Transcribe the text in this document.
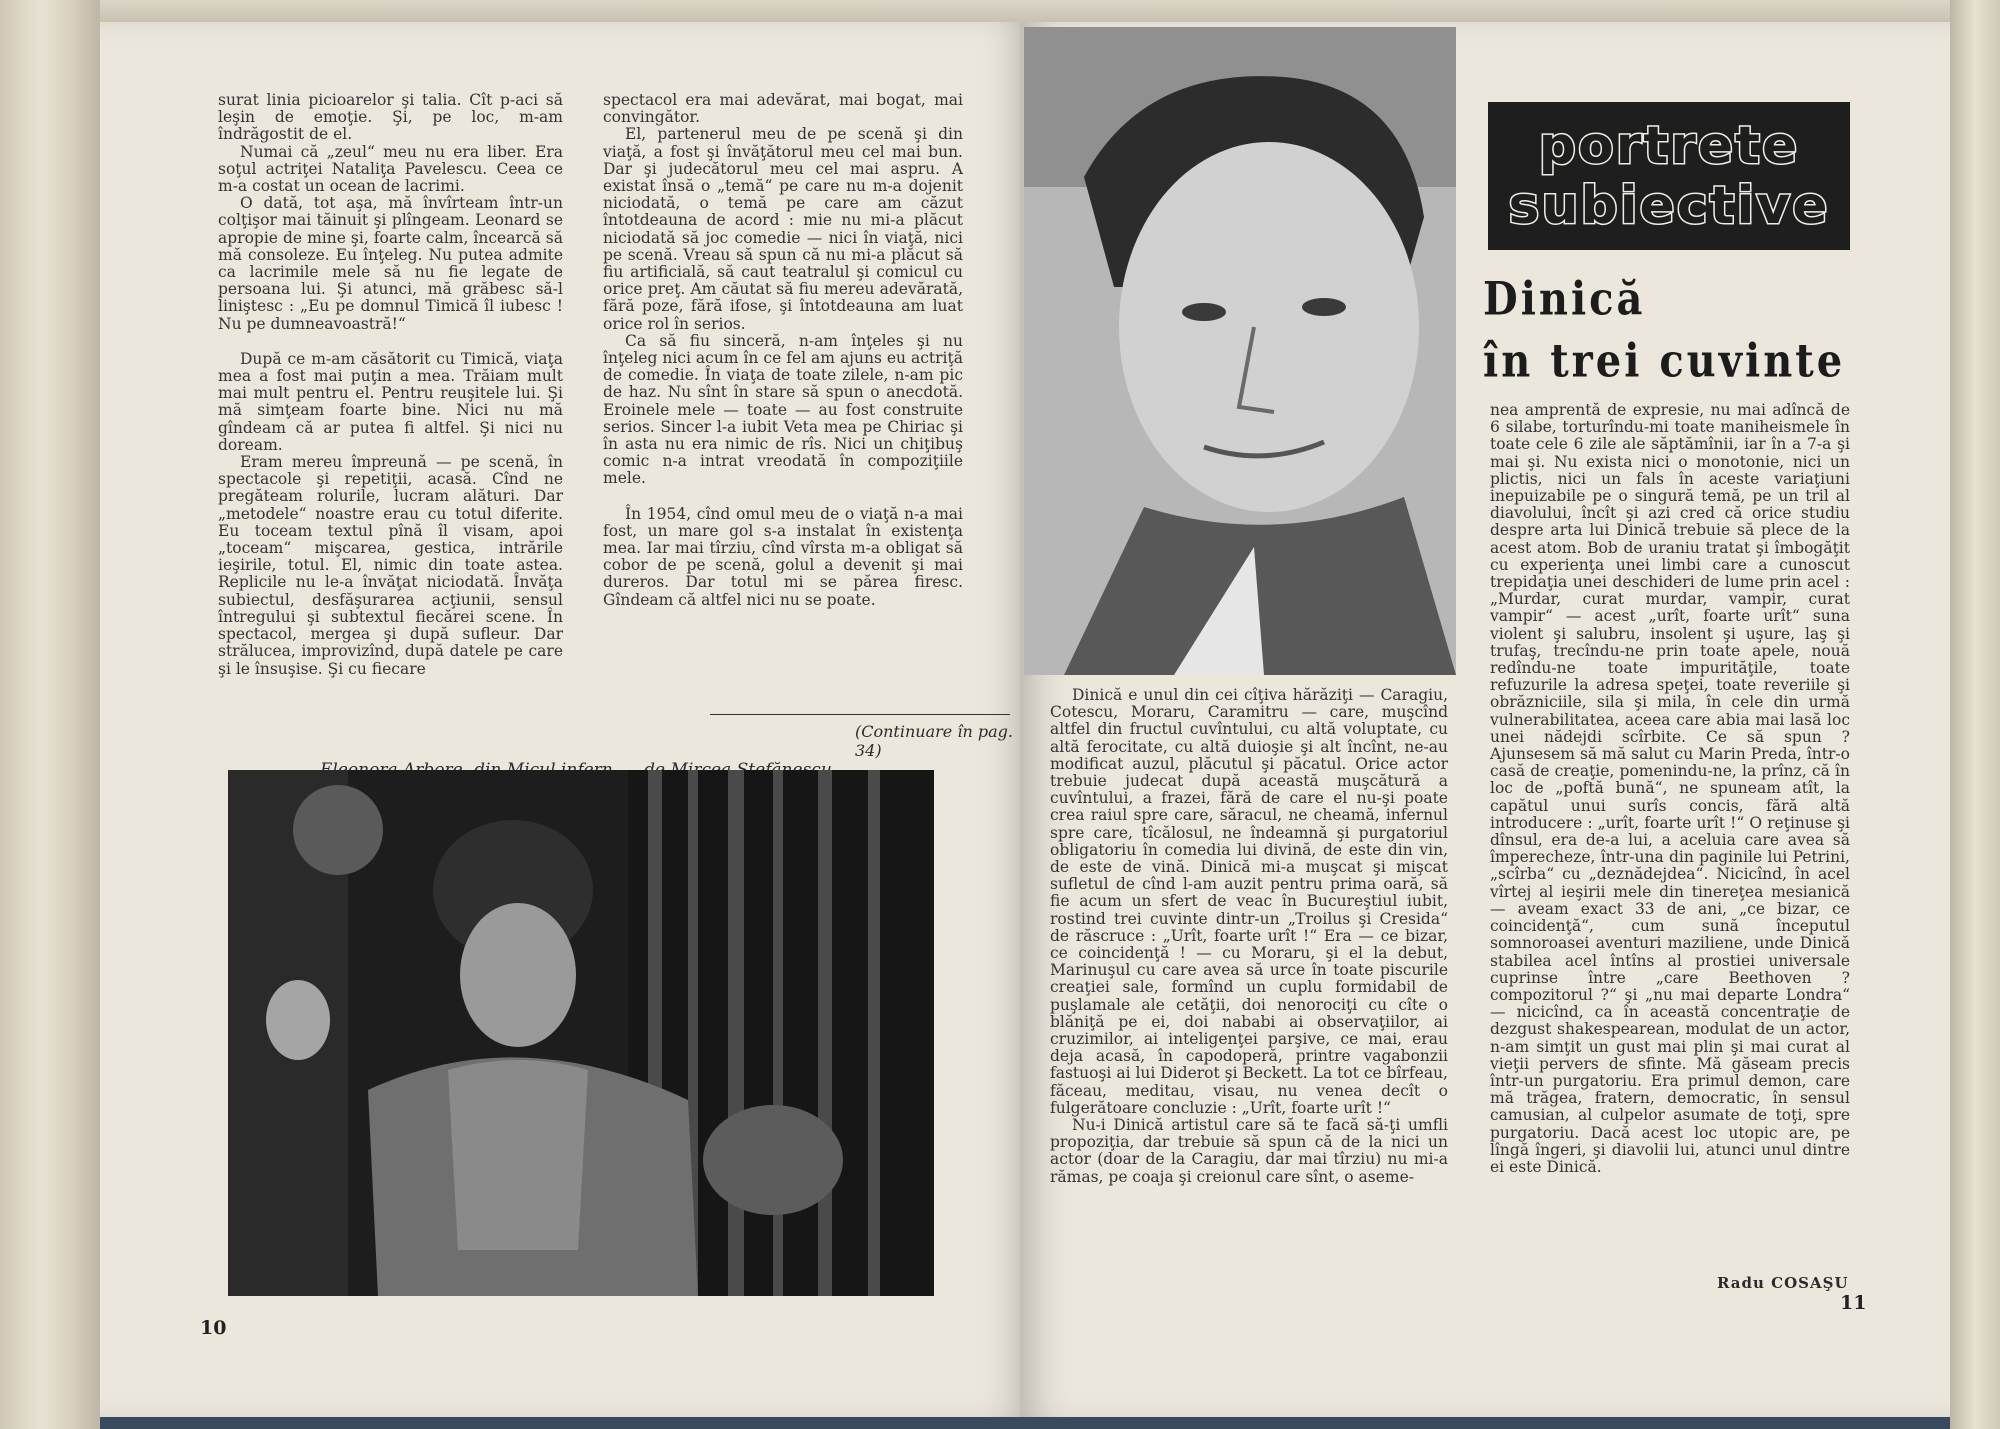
surat linia picioarelor şi talia. Cît p-aci să leşin de emoţie. Şi, pe loc, m-am îndrăgostit de el.

Numai că „zeul“ meu nu era liber. Era soţul actriţei Nataliţa Pavelescu. Ceea ce m-a costat un ocean de lacrimi.

O dată, tot aşa, mă învîrteam într-un colţişor mai tăinuit şi plîngeam. Leonard se apropie de mine şi, foarte calm, încearcă să mă consoleze. Eu înţeleg. Nu putea admite ca lacrimile mele să nu fie legate de persoana lui. Şi atunci, mă grăbesc să-l liniştesc : „Eu pe domnul Timică îl iubesc ! Nu pe dumneavoastră!“

După ce m-am căsătorit cu Timică, viaţa mea a fost mai puţin a mea. Trăiam mult mai mult pentru el. Pentru reuşitele lui. Şi mă simţeam foarte bine. Nici nu mă gîndeam că ar putea fi altfel. Şi nici nu doream.

Eram mereu împreună — pe scenă, în spectacole şi repetiţii, acasă. Cînd ne pregăteam rolurile, lucram alături. Dar „metodele“ noastre erau cu totul diferite. Eu toceam textul pînă îl visam, apoi „toceam“ mişcarea, gestica, intrările ieşirile, totul. El, nimic din toate astea. Replicile nu le-a învăţat niciodată. Învăţa subiectul, desfăşurarea acţiunii, sensul întregului şi subtextul fiecărei scene. În spectacol, mergea şi după sufleur. Dar strălucea, improvizînd, după datele pe care şi le însuşise. Şi cu fiecare

spectacol era mai adevărat, mai bogat, mai convingător.

El, partenerul meu de pe scenă şi din viaţă, a fost şi învăţătorul meu cel mai bun. Dar şi judecătorul meu cel mai aspru. A existat însă o „temă“ pe care nu m-a dojenit niciodată, o temă pe care am căzut întotdeauna de acord : mie nu mi-a plăcut niciodată să joc comedie — nici în viaţă, nici pe scenă. Vreau să spun că nu mi-a plăcut să fiu artificială, să caut teatralul şi comicul cu orice preţ. Am căutat să fiu mereu adevărată, fără poze, fără ifose, şi întotdeauna am luat orice rol în serios.

Ca să fiu sinceră, n-am înţeles şi nu înţeleg nici acum în ce fel am ajuns eu actriţă de comedie. În viaţa de toate zilele, n-am pic de haz. Nu sînt în stare să spun o anecdotă. Eroinele mele — toate — au fost construite serios. Sincer l-a iubit Veta mea pe Chiriac şi în asta nu era nimic de rîs. Nici un chiţibuş comic n-a intrat vreodată în compoziţiile mele.

În 1954, cînd omul meu de o viaţă n-a mai fost, un mare gol s-a instalat în existenţa mea. Iar mai tîrziu, cînd vîrsta m-a obligat să cobor de pe scenă, golul a devenit şi mai dureros. Dar totul mi se părea firesc. Gîndeam că altfel nici nu se poate.

(Continuare în pag. 34)
10
portrete
subiective
Dinică
în trei cuvinte

Dinică e unul din cei cîţiva hărăziţi — Caragiu, Cotescu, Moraru, Caramitru — care, muşcînd altfel din fructul cuvîntului, cu altă voluptate, cu altă ferocitate, cu altă duioşie şi alt încînt, ne-au modificat auzul, plăcutul şi păcatul. Orice actor trebuie judecat după această muşcătură a cuvîntului, a frazei, fără de care el nu-şi poate crea raiul spre care, săracul, ne cheamă, infernul spre care, tîcălosul, ne îndeamnă şi purgatoriul obligatoriu în comedia lui divină, de este din vin, de este de vină. Dinică mi-a muşcat şi mişcat sufletul de cînd l-am auzit pentru prima oară, să fie acum un sfert de veac în Bucureştiul iubit, rostind trei cuvinte dintr-un „Troilus şi Cresida“ de răscruce : „Urît, foarte urît !“ Era — ce bizar, ce coincidenţă ! — cu Moraru, şi el la debut, Marinuşul cu care avea să urce în toate piscurile creaţiei sale, formînd un cuplu formidabil de puşlamale ale cetăţii, doi nenorociţi cu cîte o blăniţă pe ei, doi nababi ai observaţiilor, ai cruzimilor, ai inteligenţei parşive, ce mai, erau deja acasă, în capodoperă, printre vagabonzii fastuoşi ai lui Diderot şi Beckett. La tot ce bîrfeau, făceau, meditau, visau, nu venea decît o fulgerătoare concluzie : „Urît, foarte urît !“

Nu-i Dinică artistul care să te facă să-ţi umfli propoziţia, dar trebuie să spun că de la nici un actor (doar de la Caragiu, dar mai tîrziu) nu mi-a rămas, pe coaja şi creionul care sînt, o aseme-

nea amprentă de expresie, nu mai adîncă de 6 silabe, torturîndu-mi toate maniheismele în toate cele 6 zile ale săptămînii, iar în a 7-a şi mai şi. Nu exista nici o monotonie, nici un plictis, nici un fals în aceste variaţiuni inepuizabile pe o singură temă, pe un tril al diavolului, încît şi azi cred că orice studiu despre arta lui Dinică trebuie să plece de la acest atom. Bob de uraniu tratat şi îmbogăţit cu experienţa unei limbi care a cunoscut trepidaţia unei deschideri de lume prin acel : „Murdar, curat murdar, vampir, curat vampir“ — acest „urît, foarte urît“ suna violent şi salubru, insolent şi uşure, laş şi trufaş, trecîndu-ne prin toate apele, nouă redîndu-ne toate impurităţile, toate refuzurile la adresa speţei, toate reveriile şi obrăzniciile, sila şi mila, în cele din urmă vulnerabilitatea, aceea care abia mai lasă loc unei nădejdi scîrbite. Ce să spun ? Ajunsesem să mă salut cu Marin Preda, într-o casă de creaţie, pomenindu-ne, la prînz, că în loc de „poftă bună“, ne spuneam atît, la capătul unui surîs concis, fără altă introducere : „urît, foarte urît !“ O reţinuse şi dînsul, era de-a lui, a aceluia care avea să împerecheze, într-una din paginile lui Petrini, „scîrba“ cu „deznădejdea“. Nicicînd, în acel vîrtej al ieşirii mele din tinereţea mesianică — aveam exact 33 de ani, „ce bizar, ce coincidenţă“, cum sună începutul somnoroasei aventuri maziliene, unde Dinică stabilea acel întîns al prostiei universale cuprinse între „care Beethoven ? compozitorul ?“ şi „nu mai departe Londra“ — nicicînd, ca în această concentraţie de dezgust shakespearean, modulat de un actor, n-am simţit un gust mai plin şi mai curat al vieţii pervers de sfinte. Mă găseam precis într-un purgatoriu. Era primul demon, care mă trăgea, fratern, democratic, în sensul camusian, al culpelor asumate de toţi, spre purgatoriu. Dacă acest loc utopic are, pe lîngă îngeri, şi diavolii lui, atunci unul dintre ei este Dinică.

Radu COSAŞU
11
